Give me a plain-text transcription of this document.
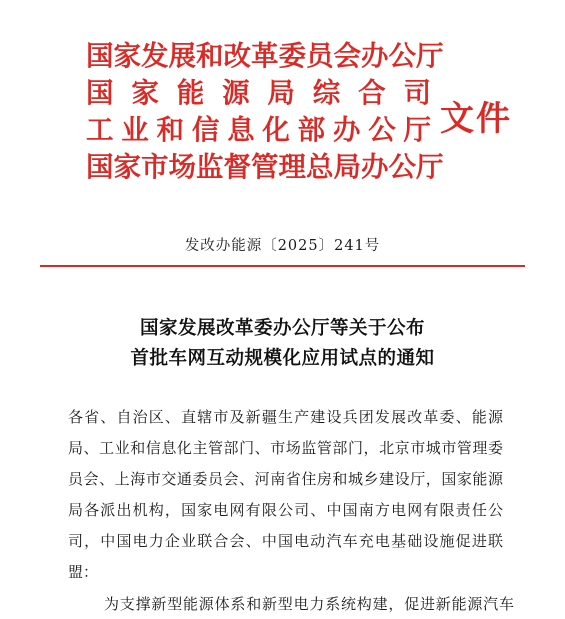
国家发展和改革委员会办公厅
国家能源局综合司
工业和信息化部办公厅
国家市场监督管理总局办公厅
文件
发改办能源〔2025〕241号
国家发展改革委办公厅等关于公布
首批车网互动规模化应用试点的通知
各省、自治区、直辖市及新疆生产建设兵团发展改革委、能源
局、工业和信息化主管部门、市场监管部门，北京市城市管理委
员会、上海市交通委员会、河南省住房和城乡建设厅，国家能源
局各派出机构，国家电网有限公司、中国南方电网有限责任公
司，中国电力企业联合会、中国电动汽车充电基础设施促进联
盟：
为支撑新型能源体系和新型电力系统构建，促进新能源汽车
